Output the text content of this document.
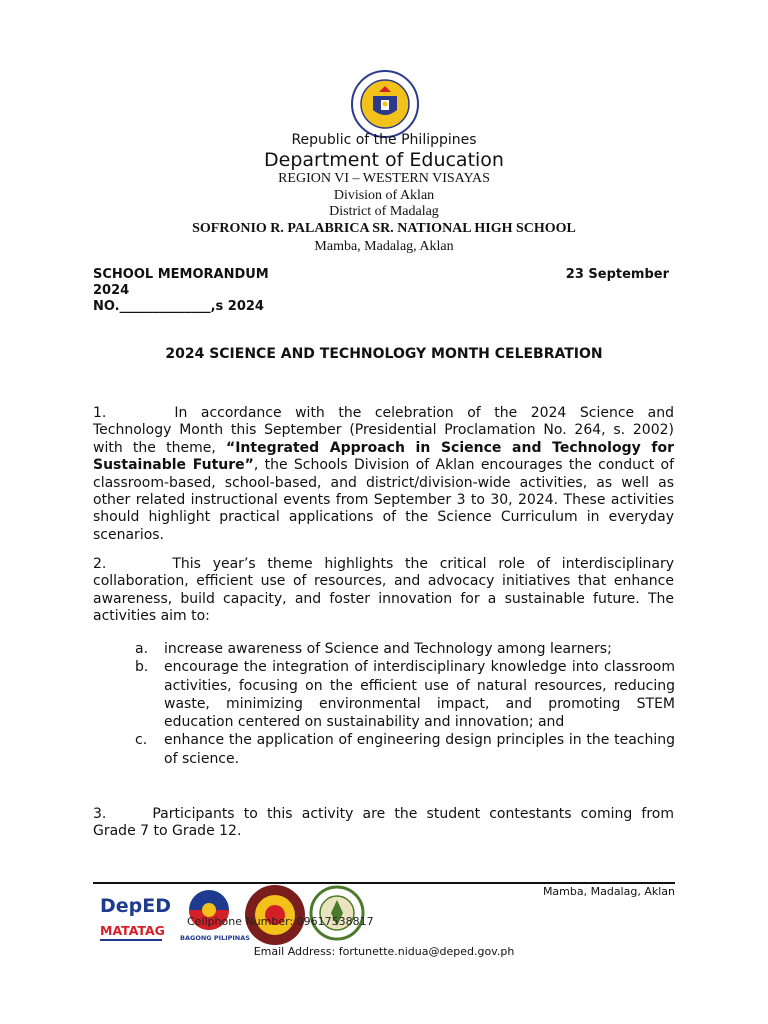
Republic of the Philippines
Department of Education
REGION VI – WESTERN VISAYAS
Division of Aklan
District of Madalag
SOFRONIO R. PALABRICA SR. NATIONAL HIGH SCHOOL
Mamba, Madalag, Aklan
SCHOOL MEMORANDUM	23 September
2024
NO.______________,s 2024
2024 SCIENCE AND TECHNOLOGY MONTH CELEBRATION
1.	In accordance with the celebration of the 2024 Science and Technology Month this September (Presidential Proclamation No. 264, s. 2002) with the theme, “Integrated Approach in Science and Technology for Sustainable Future”, the Schools Division of Aklan encourages the conduct of classroom-based, school-based, and district/division-wide activities, as well as other related instructional events from September 3 to 30, 2024. These activities should highlight practical applications of the Science Curriculum in everyday scenarios.
2.	This year’s theme highlights the critical role of interdisciplinary collaboration, efficient use of resources, and advocacy initiatives that enhance awareness, build capacity, and foster innovation for a sustainable future. The activities aim to:
a. increase awareness of Science and Technology among learners;
b. encourage the integration of interdisciplinary knowledge into classroom activities, focusing on the efficient use of natural resources, reducing waste, minimizing environmental impact, and promoting STEM education centered on sustainability and innovation; and
c. enhance the application of engineering design principles in the teaching of science.
3.	Participants to this activity are the student contestants coming from Grade 7 to Grade 12.
DepED
MATATAG BAGONG PILIPINAS
Mamba, Madalag, Aklan
Cellphone Number: 09617538817
Email Address: fortunette.nidua@deped.gov.ph
